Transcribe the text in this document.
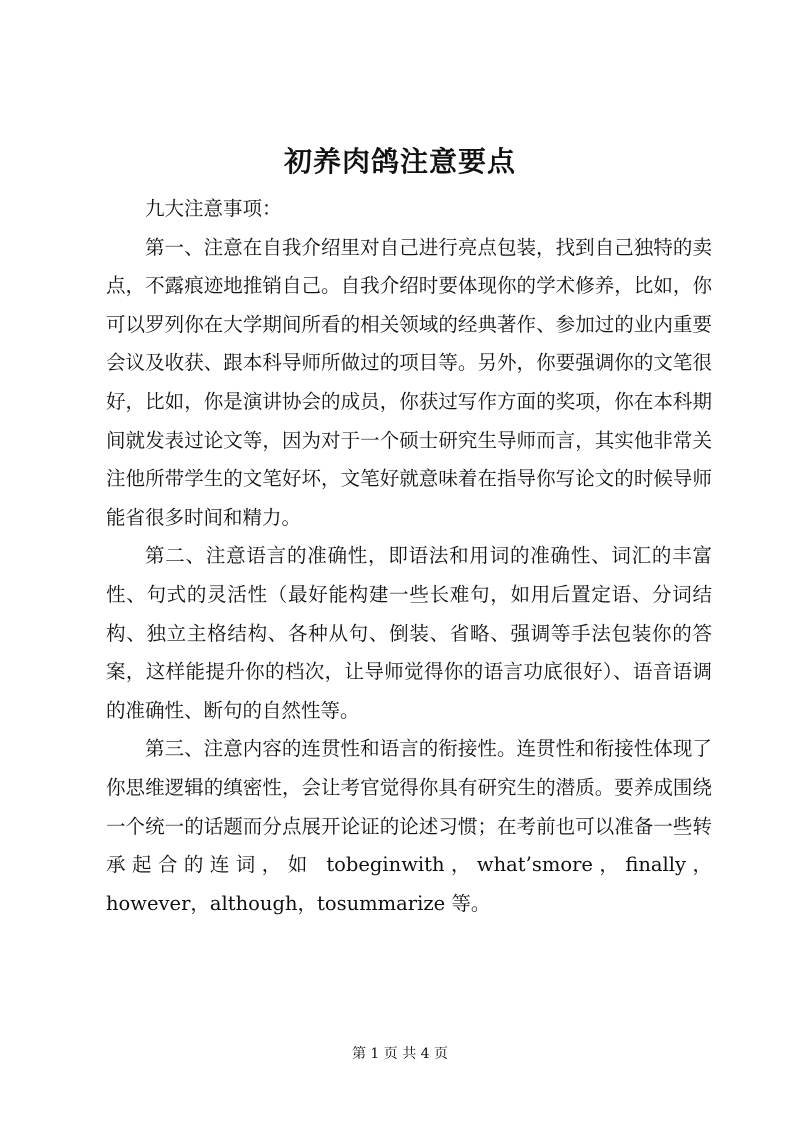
初养肉鸽注意要点

九大注意事项：

第一、注意在自我介绍里对自己进行亮点包装，找到自己独特的卖点，不露痕迹地推销自己。自我介绍时要体现你的学术修养，比如，你可以罗列你在大学期间所看的相关领域的经典著作、参加过的业内重要会议及收获、跟本科导师所做过的项目等。另外，你要强调你的文笔很好，比如，你是演讲协会的成员，你获过写作方面的奖项，你在本科期间就发表过论文等，因为对于一个硕士研究生导师而言，其实他非常关注他所带学生的文笔好坏，文笔好就意味着在指导你写论文的时候导师能省很多时间和精力。

第二、注意语言的准确性，即语法和用词的准确性、词汇的丰富性、句式的灵活性（最好能构建一些长难句，如用后置定语、分词结构、独立主格结构、各种从句、倒装、省略、强调等手法包装你的答案，这样能提升你的档次，让导师觉得你的语言功底很好）、语音语调的准确性、断句的自然性等。

第三、注意内容的连贯性和语言的衔接性。连贯性和衔接性体现了你思维逻辑的缜密性，会让考官觉得你具有研究生的潜质。要养成围绕一个统一的话题而分点展开论证的论述习惯；在考前也可以准备一些转承起合的连词，如 tobeginwith，what’smore，finally，however，although，tosummarize 等。

第 1 页 共 4 页
